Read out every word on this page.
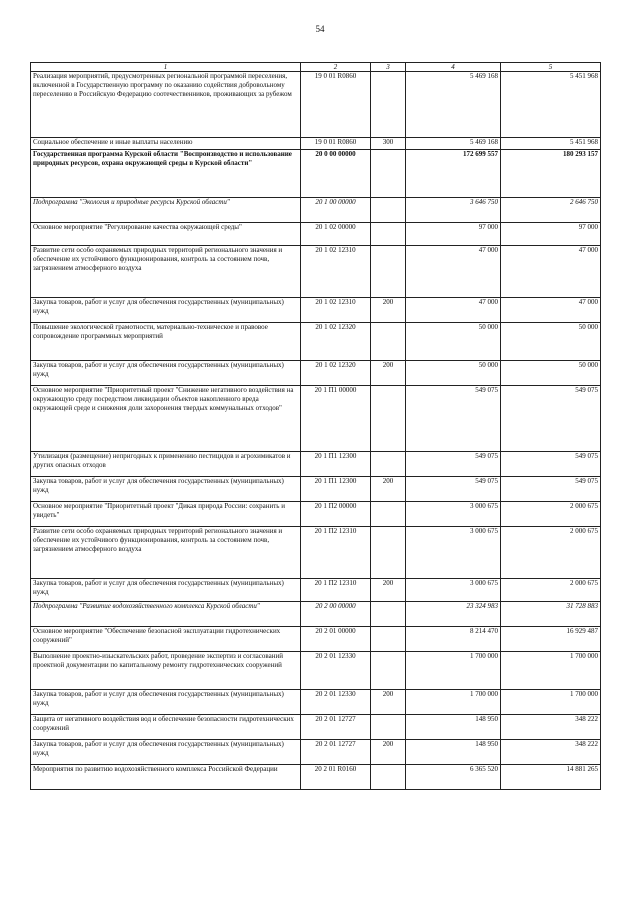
54
1	2	3	4	5
Реализация мероприятий, предусмотренных региональной программой переселения, включенной в Государственную программу по оказанию содействия добровольному переселению в Российскую Федерацию соотечественников, проживающих за рубежом	19 0 01 R0860		5 469 168	5 451 968
Социальное обеспечение и иные выплаты населению	19 0 01 R0860	300	5 469 168	5 451 968
Государственная программа Курской области "Воспроизводство и использование природных ресурсов, охрана окружающей среды в Курской области"	20 0 00 00000		172 699 557	180 293 157
Подпрограмма "Экология и природные ресурсы Курской области"	20 1 00 00000		3 646 750	2 646 750
Основное мероприятие "Регулирование качества окружающей среды"	20 1 02 00000		97 000	97 000
Развитие сети особо охраняемых природных территорий регионального значения и обеспечение их устойчивого функционирования, контроль за состоянием почв, загрязнением атмосферного воздуха	20 1 02 12310		47 000	47 000
Закупка товаров, работ и услуг для обеспечения государственных (муниципальных) нужд	20 1 02 12310	200	47 000	47 000
Повышение экологической грамотности, материально-техническое и правовое сопровождение программных мероприятий	20 1 02 12320		50 000	50 000
Закупка товаров, работ и услуг для обеспечения государственных (муниципальных) нужд	20 1 02 12320	200	50 000	50 000
Основное мероприятие "Приоритетный проект "Снижение негативного воздействия на окружающую среду посредством ликвидации объектов накопленного вреда окружающей среде и снижения доли захоронения твердых коммунальных отходов"	20 1 П1 00000		549 075	549 075
Утилизация (размещение) непригодных к применению пестицидов и агрохимикатов и других опасных отходов	20 1 П1 12300		549 075	549 075
Закупка товаров, работ и услуг для обеспечения государственных (муниципальных) нужд	20 1 П1 12300	200	549 075	549 075
Основное мероприятие "Приоритетный проект "Дикая природа России: сохранить и увидеть"	20 1 П2 00000		3 000 675	2 000 675
Развитие сети особо охраняемых природных территорий регионального значения и обеспечение их устойчивого функционирования, контроль за состоянием почв, загрязнением атмосферного воздуха	20 1 П2 12310		3 000 675	2 000 675
Закупка товаров, работ и услуг для обеспечения государственных (муниципальных) нужд	20 1 П2 12310	200	3 000 675	2 000 675
Подпрограмма "Развитие водохозяйственного комплекса Курской области"	20 2 00 00000		23 324 983	31 728 883
Основное мероприятие "Обеспечение безопасной эксплуатации гидротехнических сооружений"	20 2 01 00000		8 214 470	16 929 487
Выполнение проектно-изыскательских работ, проведение экспертиз и согласований проектной документации по капитальному ремонту гидротехнических сооружений	20 2 01 12330		1 700 000	1 700 000
Закупка товаров, работ и услуг для обеспечения государственных (муниципальных) нужд	20 2 01 12330	200	1 700 000	1 700 000
Защита от негативного воздействия вод и обеспечение безопасности гидротехнических сооружений	20 2 01 12727		148 950	348 222
Закупка товаров, работ и услуг для обеспечения государственных (муниципальных) нужд	20 2 01 12727	200	148 950	348 222
Мероприятия по развитию водохозяйственного комплекса Российской Федерации	20 2 01 R0160		6 365 520	14 881 265
